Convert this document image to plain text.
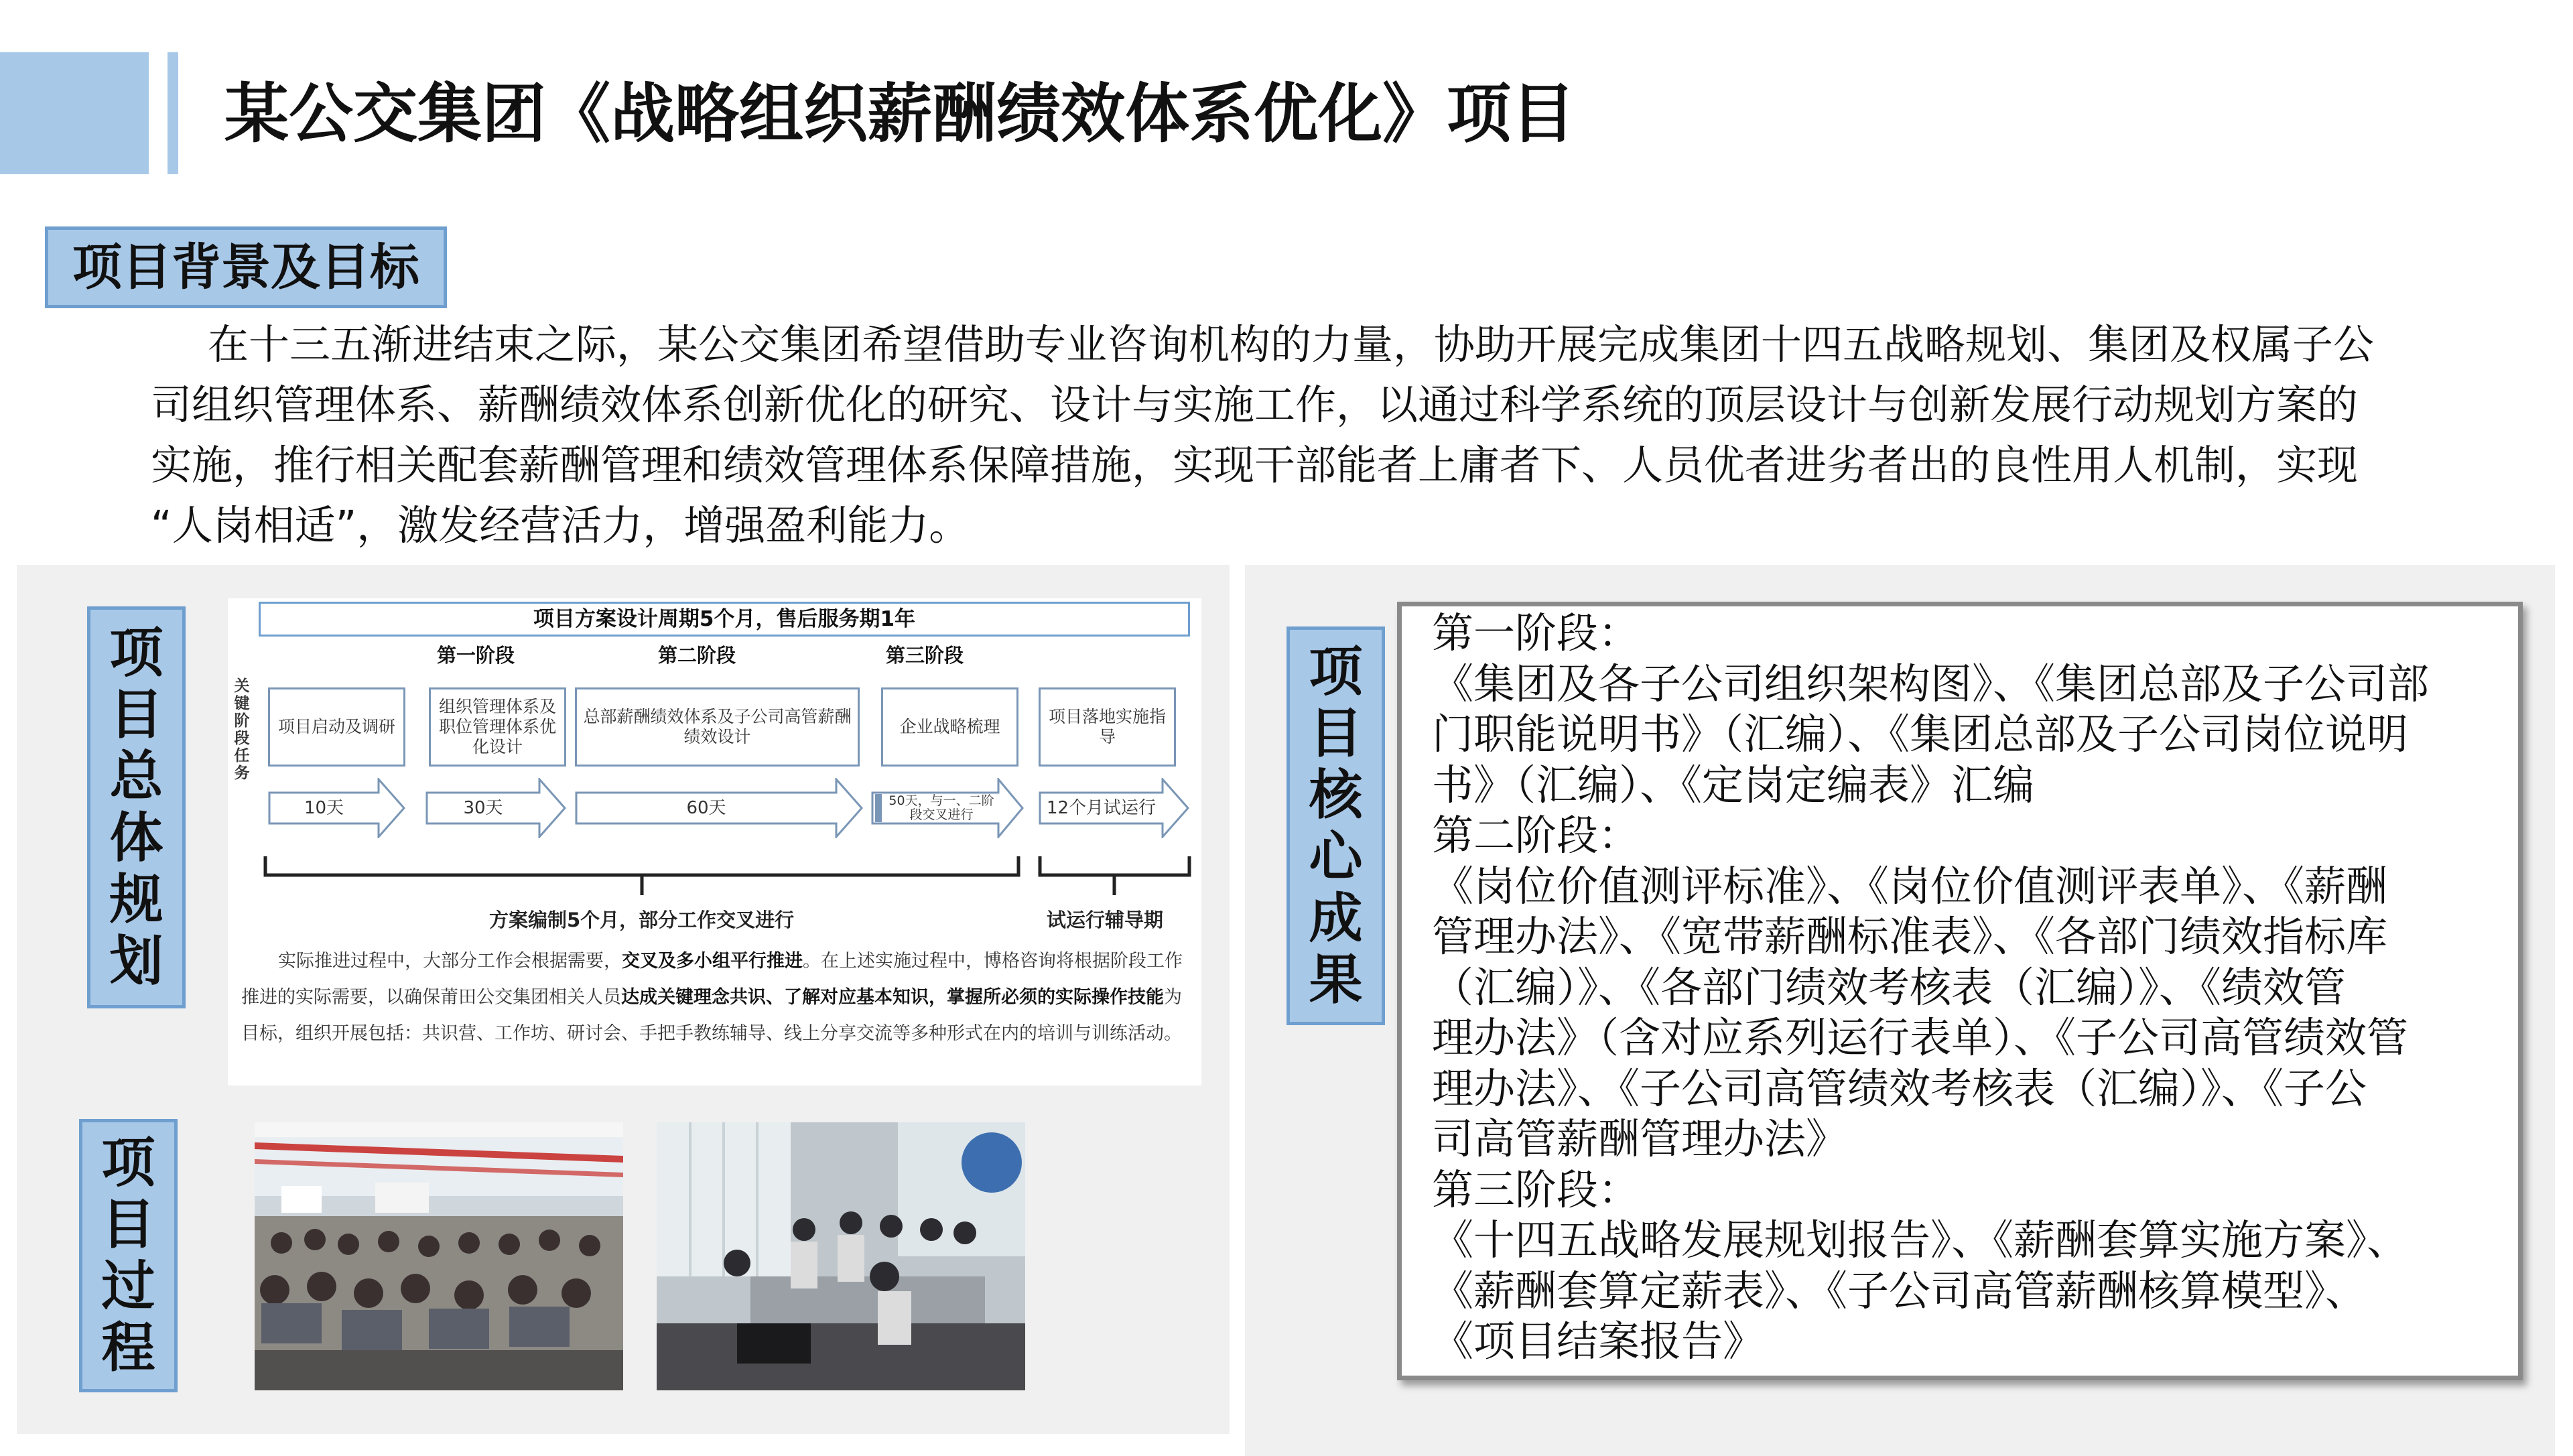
某公交集团《战略组织薪酬绩效体系优化》项目
项目背景及目标
在十三五渐进结束之际，某公交集团希望借助专业咨询机构的力量，协助开展完成集团十四五战略规划、集团及权属子公
司组织管理体系、薪酬绩效体系创新优化的研究、设计与实施工作，以通过科学系统的顶层设计与创新发展行动规划方案的
实施，推行相关配套薪酬管理和绩效管理体系保障措施，实现干部能者上庸者下、人员优者进劣者出的良性用人机制，实现
“人岗相适”，激发经营活力，增强盈利能力。
项
目
总
体
规
划
项
目
过
程
项
目
核
心
成
果
项目方案设计周期5个月，售后服务期1年
第一阶段	第二阶段	第三阶段
关
键
阶
段
任
务
项目启动及调研
组织管理体系及职位管理体系优化设计
总部薪酬绩效体系及子公司高管薪酬绩效设计
企业战略梳理
项目落地实施指导
10天	30天	60天	50天，与一、二阶段交叉进行	12个月试运行
方案编制5个月，部分工作交叉进行	试运行辅导期
实际推进过程中，大部分工作会根据需要，交叉及多小组平行推进。在上述实施过程中，博格咨询将根据阶段工作推进的实际需要，以确保莆田公交集团相关人员达成关键理念共识、了解对应基本知识，掌握所必须的实际操作技能为目标，组织开展包括：共识营、工作坊、研讨会、手把手教练辅导、线上分享交流等多种形式在内的培训与训练活动。
第一阶段：
《集团及各子公司组织架构图》、《集团总部及子公司部
门职能说明书》（汇编）、《集团总部及子公司岗位说明
书》（汇编）、《定岗定编表》汇编
第二阶段：
《岗位价值测评标准》、《岗位价值测评表单》、《薪酬
管理办法》、《宽带薪酬标准表》、《各部门绩效指标库
（汇编）》、《各部门绩效考核表（汇编）》、《绩效管
理办法》（含对应系列运行表单）、《子公司高管绩效管
理办法》、《子公司高管绩效考核表（汇编）》、《子公
司高管薪酬管理办法》
第三阶段：
《十四五战略发展规划报告》、《薪酬套算实施方案》、
《薪酬套算定薪表》、《子公司高管薪酬核算模型》、
《项目结案报告》
